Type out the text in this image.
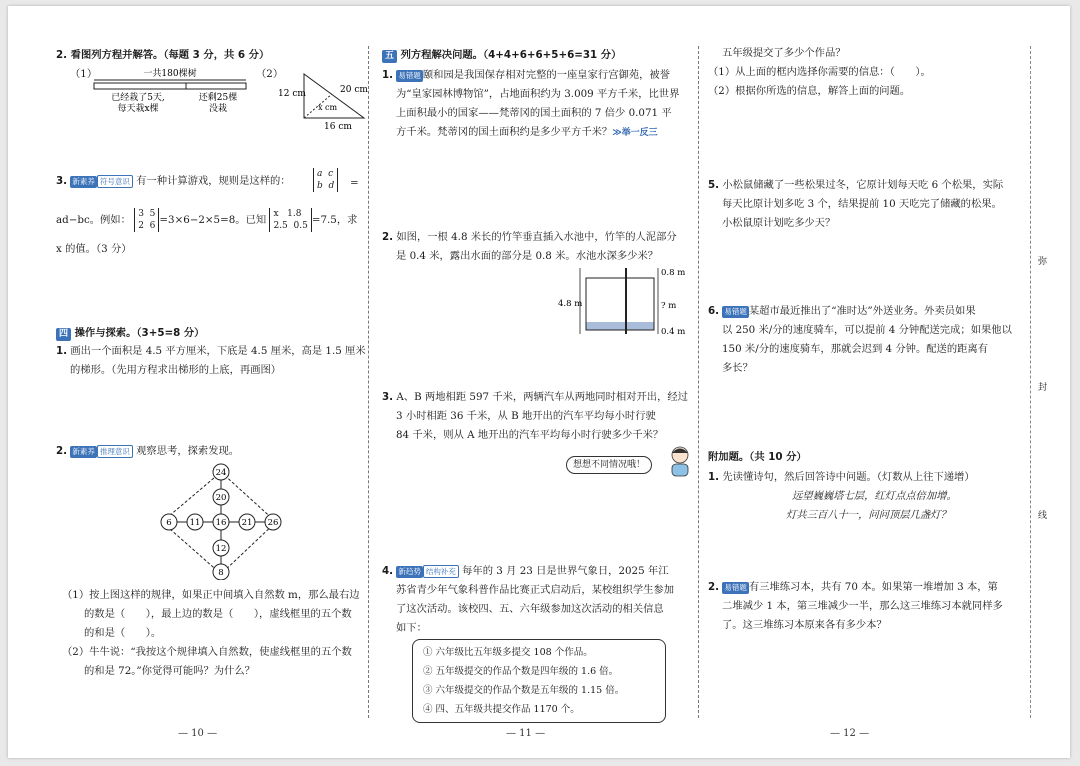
2. 看图列方程并解答。（每题 3 分，共 6 分）
（1）	（2）
一共180棵树
已经栽了5天,
每天栽x棵
还剩25棵
没栽
12 cm	20 cm
x cm
16 cm
3. 新素养 符号意识 有一种计算游戏，规则是这样的：
a c
b d	=
ad−bc。例如： 3 5
2 6 =3×6−2×5=8。已知 x 1.8
2.5 0.5 =7.5，求
x 的值。（3 分）
四 操作与探索。（3+5=8 分）
1. 画出一个面积是 4.5 平方厘米，下底是 4.5 厘米，高是 1.5 厘米
的梯形。（先用方程求出梯形的上底，再画图）
2. 新素养 推理意识 观察思考，探索发现。
24
20
6 11 16 21 26
12
8
（1）按上图这样的规律，如果正中间填入自然数 m，那么最右边
的数是（　　），最上边的数是（　　），虚线框里的五个数
的和是（　　）。
（2）牛牛说：“我按这个规律填入自然数，使虚线框里的五个数
的和是 72。”你觉得可能吗？为什么？
— 10 —
五 列方程解决问题。（4+4+6+6+5+6=31 分）
1. 易错题 颐和园是我国保存相对完整的一座皇家行宫御苑，被誉
为“皇家园林博物馆”，占地面积约为 3.009 平方千米，比世界
上面积最小的国家——梵蒂冈的国土面积的 7 倍少 0.071 平
方千米。梵蒂冈的国土面积约是多少平方千米？≫举一反三
2. 如图，一根 4.8 米长的竹竿垂直插入水池中，竹竿的人泥部分
是 0.4 米，露出水面的部分是 0.8 米。水池水深多少米？
4.8 m
0.8 m
? m
0.4 m
3. A、B 两地相距 597 千米，两辆汽车从两地同时相对开出，经过
3 小时相距 36 千米，从 B 地开出的汽车平均每小时行驶
84 千米，则从 A 地开出的汽车平均每小时行驶多少千米？
想想不同情况哦！
4. 新趋势 结构补充 每年的 3 月 23 日是世界气象日，2025 年江
苏省青少年气象科普作品比赛正式启动后，某校组织学生参加
了这次活动。该校四、五、六年级参加这次活动的相关信息
如下：
① 六年级比五年级多提交 108 个作品。
② 五年级提交的作品个数是四年级的 1.6 倍。
③ 六年级提交的作品个数是五年级的 1.15 倍。
④ 四、五年级共提交作品 1170 个。
— 11 —
五年级提交了多少个作品？
（1）从上面的框内选择你需要的信息：（　　）。
（2）根据你所选的信息，解答上面的问题。
5. 小松鼠储藏了一些松果过冬，它原计划每天吃 6 个松果，实际
每天比原计划多吃 3 个，结果提前 10 天吃完了储藏的松果。
小松鼠原计划吃多少天？
6. 易错题 某超市最近推出了“准时达”外送业务。外卖员如果
以 250 米/分的速度骑车，可以提前 4 分钟配送完成；如果他以
150 米/分的速度骑车，那就会迟到 4 分钟。配送的距离有
多长？
附加题。（共 10 分）
1. 先读懂诗句，然后回答诗中问题。（灯数从上往下递增）
远望巍巍塔七层，红灯点点倍加增。
灯共三百八十一，问问顶层几盏灯？
2. 易错题 有三堆练习本，共有 70 本。如果第一堆增加 3 本，第
二堆减少 1 本，第三堆减少一半，那么这三堆练习本就同样多
了。这三堆练习本原来各有多少本？
— 12 —
弥
封
线
